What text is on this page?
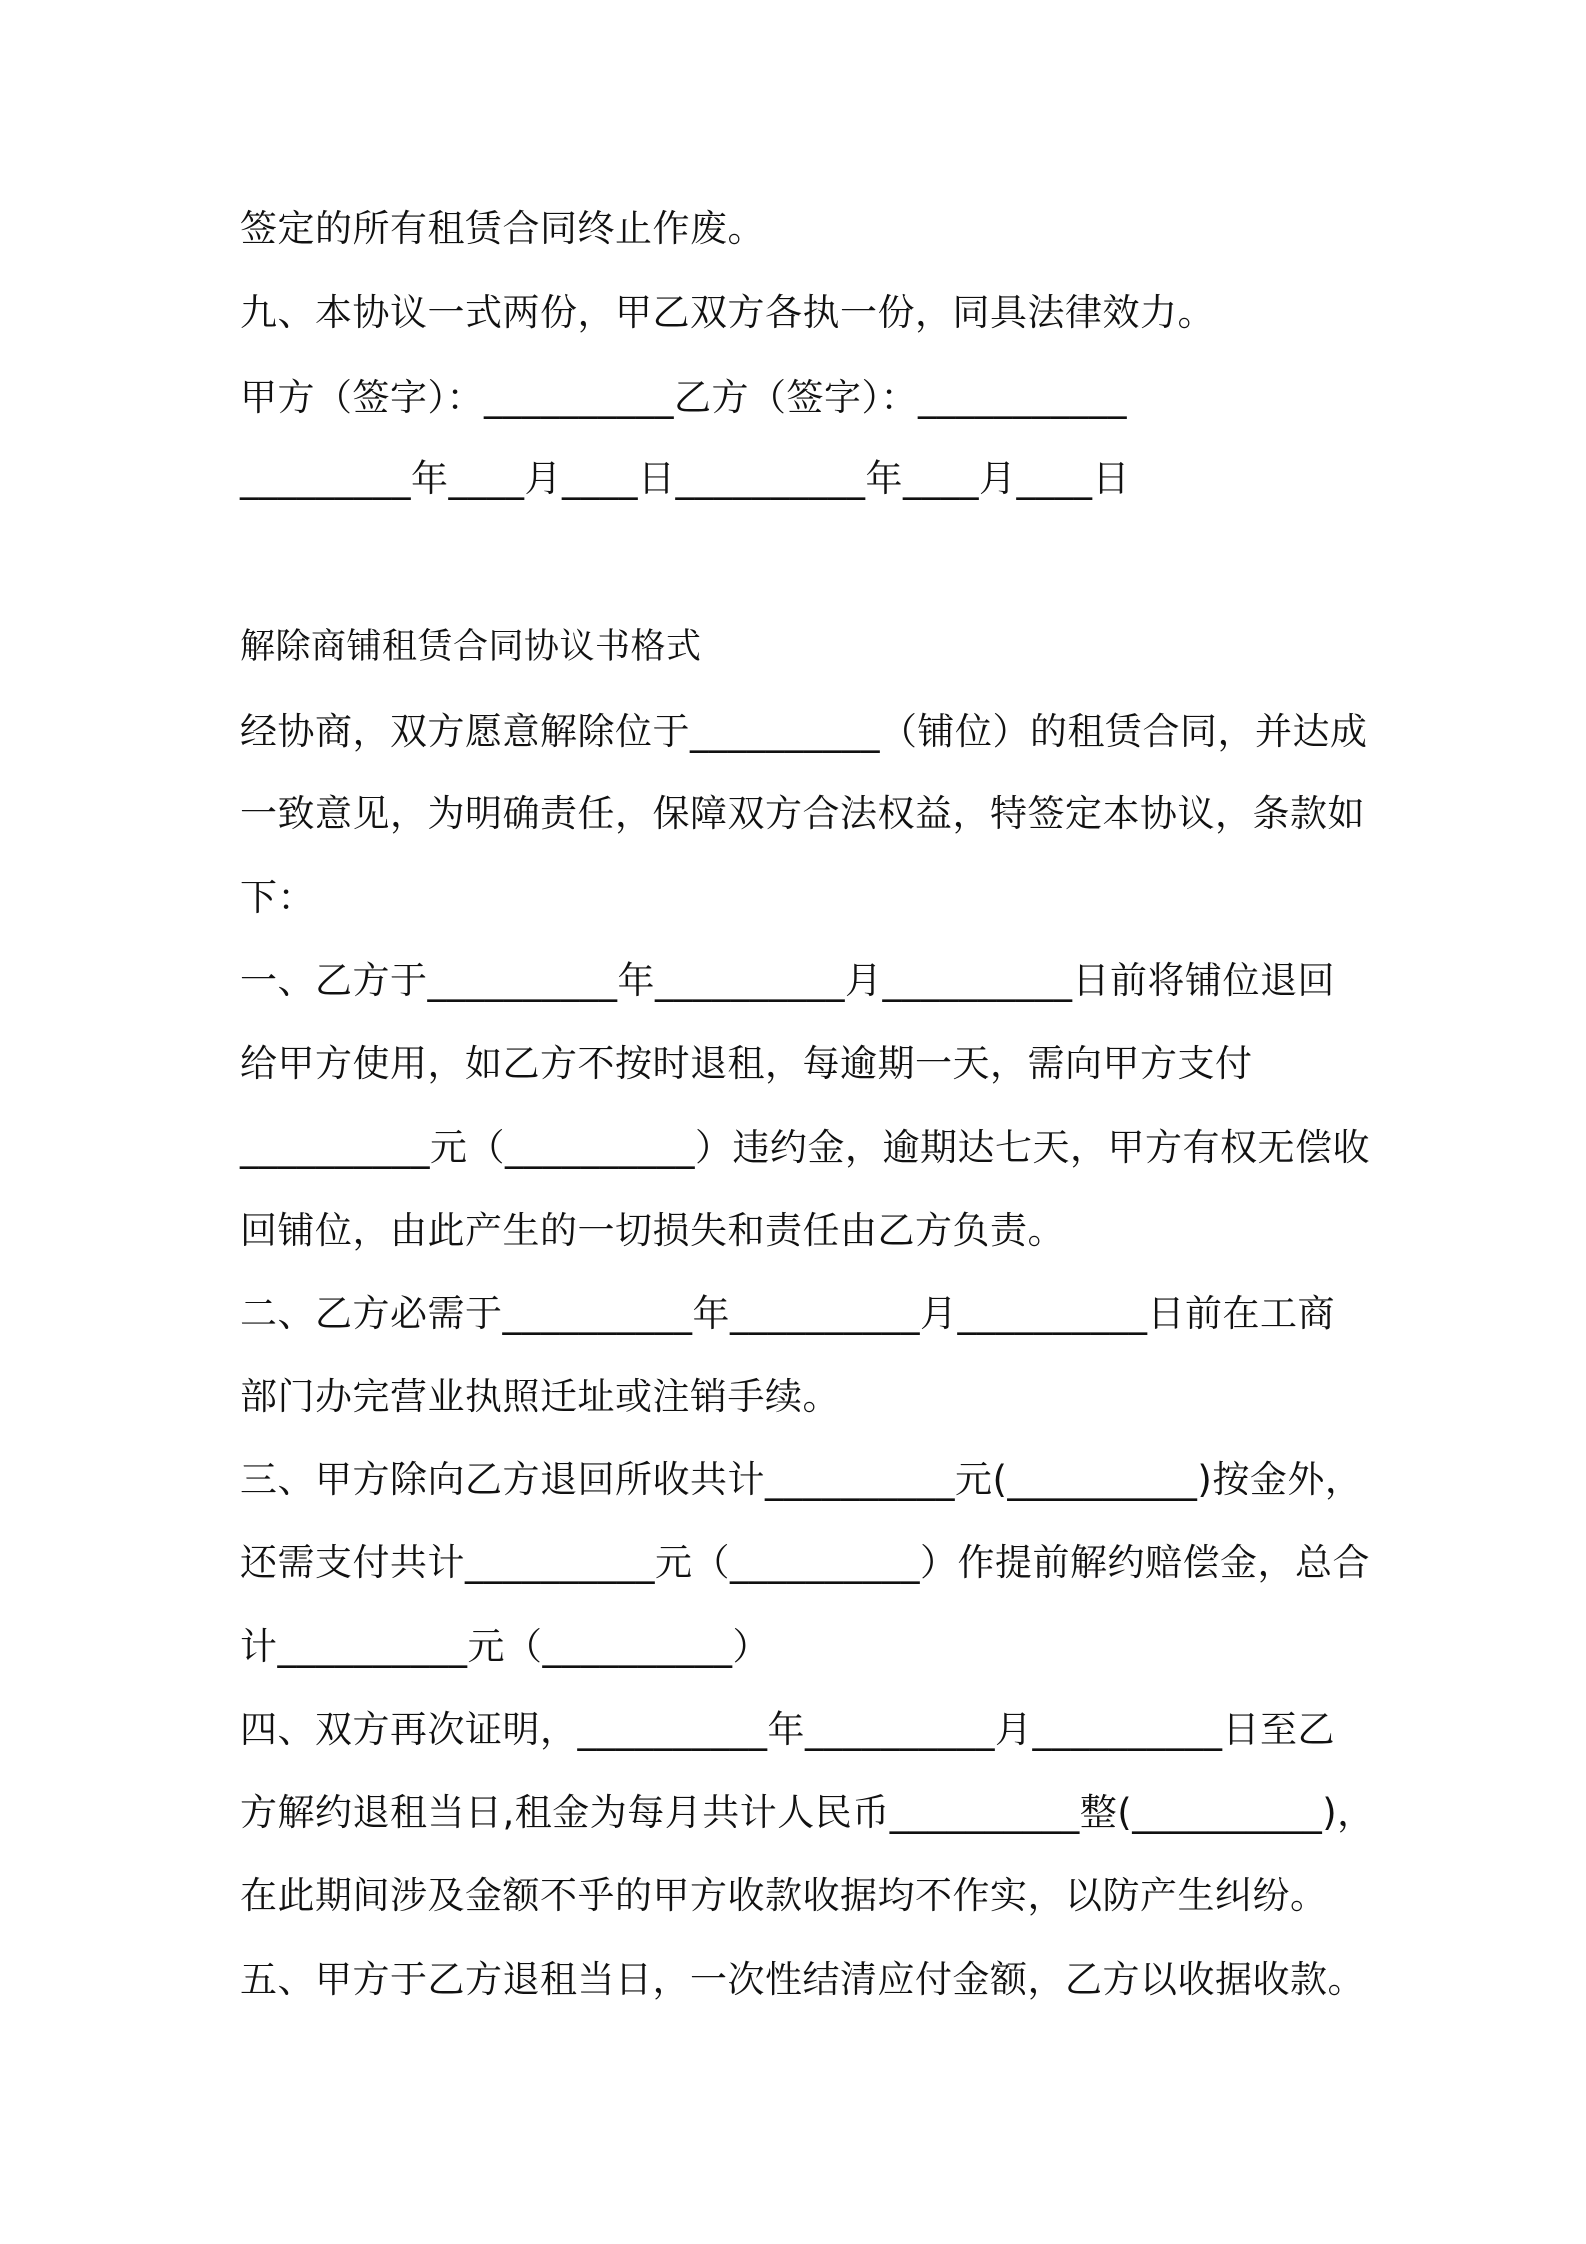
签定的所有租赁合同终止作废。
九、本协议一式两份，甲乙双方各执一份，同具法律效力。
甲方（签字）：__________乙方（签字）：___________
_________年____月____日__________年____月____日
解除商铺租赁合同协议书格式
经协商，双方愿意解除位于__________（铺位）的租赁合同，并达成
一致意见，为明确责任，保障双方合法权益，特签定本协议，条款如
下：
一、乙方于__________年__________月__________日前将铺位退回
给甲方使用，如乙方不按时退租，每逾期一天，需向甲方支付
__________元（__________）违约金，逾期达七天，甲方有权无偿收
回铺位，由此产生的一切损失和责任由乙方负责。
二、乙方必需于__________年__________月__________日前在工商
部门办完营业执照迁址或注销手续。
三、甲方除向乙方退回所收共计__________元(__________)按金外，
还需支付共计__________元（__________）作提前解约赔偿金，总合
计__________元（__________）
四、双方再次证明，__________年__________月__________日至乙
方解约退租当日,租金为每月共计人民币__________整(__________)，
在此期间涉及金额不乎的甲方收款收据均不作实，以防产生纠纷。
五、甲方于乙方退租当日，一次性结清应付金额，乙方以收据收款。
